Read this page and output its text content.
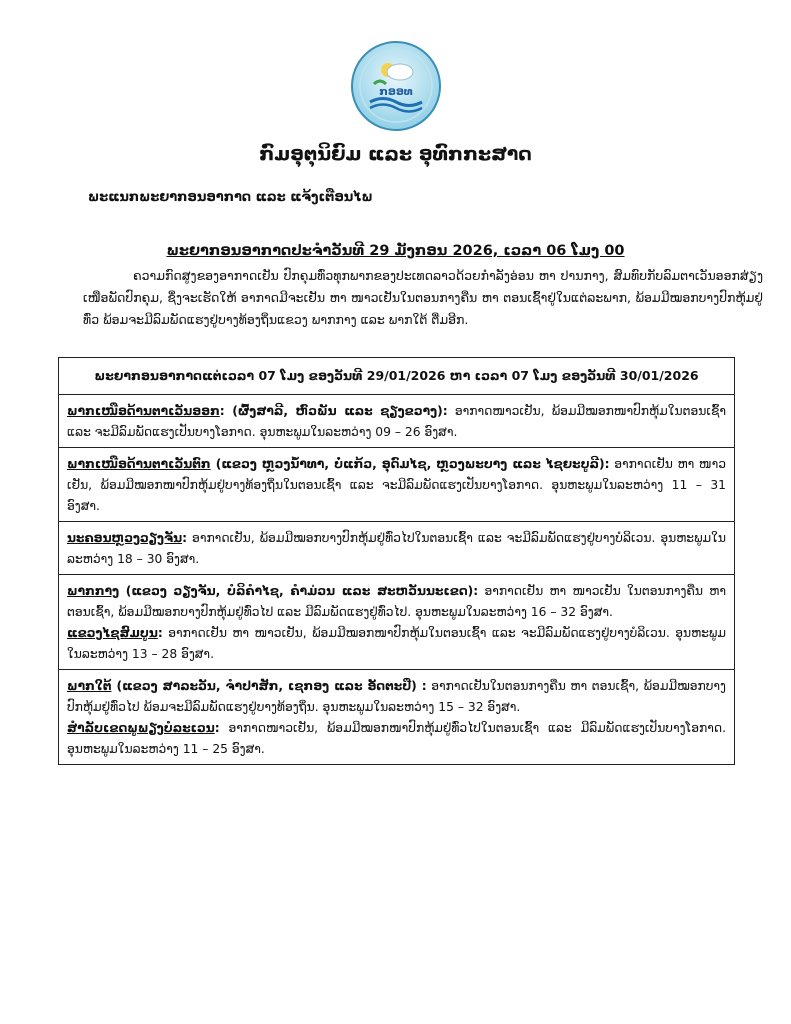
ກອອທ
ກົມອຸຕຸນິຍົມ ແລະ ອຸທົກກະສາດ
ພະແນກພະຍາກອນອາກາດ ແລະ ແຈ້ງເຕືອນໄພ
ພະຍາກອນອາກາດປະຈຳວັນທີ 29 ມັງກອນ 2026, ເວລາ 06 ໂມງ 00
ຄວາມກົດສູງຂອງອາກາດເຢັນ ປົກຄຸມທົ່ວທຸກພາກຂອງປະເທດລາວດ້ວຍກຳລັງອ່ອນ ຫາ ປານກາງ, ສົມທົບກັບລົມຕາເວັນອອກສ່ຽງເໜືອພັດປົກຄຸມ, ຊຶ່ງຈະເຮັດໃຫ້ ອາກາດມີຈະເຢັນ ຫາ ໜາວເຢັນໃນຕອນກາງຄືນ ຫາ ຕອນເຊົ້າຢູ່ໃນແຕ່ລະພາກ, ພ້ອມມີໝອກບາງປົກຫຸ້ມຢູ່ທົ່ວ ພ້ອມຈະມີລົມພັດແຮງຢູ່ບາງທ້ອງຖິ່ນແຂວງ ພາກກາງ ແລະ ພາກໃຕ້ ຕື່ມອີກ.
ພະຍາກອນອາກາດແຕ່ເວລາ 07 ໂມງ ຂອງວັນທີ 29/01/2026 ຫາ ເວລາ 07 ໂມງ ຂອງວັນທີ 30/01/2026
ພາກເໜືອດ້ານຕາເວັນອອກ: (ຜົ້ງສາລີ, ຫົວພັນ ແລະ ຊຽງຂວາງ): ອາກາດໜາວເຢັນ, ພ້ອມມີໝອກໜາປົກຫຸ້ມໃນຕອນເຊົ້າ ແລະ ຈະມີລົມພັດແຮງເປັນບາງໂອກາດ. ອຸນຫະພູມໃນລະຫວ່າງ 09 – 26 ອົງສາ.
ພາກເໜືອດ້ານຕາເວັນຕົກ (ແຂວງ ຫຼວງນ້ຳທາ, ບໍ່ແກ້ວ, ອຸດົມໄຊ, ຫຼວງພະບາງ ແລະ ໄຊຍະບູລີ): ອາກາດເຢັນ ຫາ ໜາວເຢັນ, ພ້ອມມີໝອກໜາປົກຫຸ້ມຢູ່ບາງທ້ອງຖິ່ນໃນຕອນເຊົ້າ ແລະ ຈະມີລົມພັດແຮງເປັນບາງໂອກາດ. ອຸນຫະພູມໃນລະຫວ່າງ 11 – 31 ອົງສາ.
ນະຄອນຫຼວງວຽງຈັນ: ອາກາດເຢັນ, ພ້ອມມີໝອກບາງປົກຫຸ້ມຢູ່ທົ່ວໄປໃນຕອນເຊົ້າ ແລະ ຈະມີລົມພັດແຮງຢູ່ບາງບໍລິເວນ. ອຸນຫະພູມໃນລະຫວ່າງ 18 – 30 ອົງສາ.

ພາກກາງ (ແຂວງ ວຽງຈັນ, ບໍລິຄຳໄຊ, ຄຳມ່ວນ ແລະ ສະຫວັນນະເຂດ): ອາກາດເຢັນ ຫາ ໜາວເຢັນ ໃນຕອນກາງຄືນ ຫາ ຕອນເຊົ້າ, ພ້ອມມີໝອກບາງປົກຫຸ້ມຢູ່ທົ່ວໄປ ແລະ ມີລົມພັດແຮງຢູ່ທົ່ວໄປ. ອຸນຫະພູມໃນລະຫວ່າງ 16 – 32 ອົງສາ.
ແຂວງໄຊສົມບູນ: ອາກາດເຢັນ ຫາ ໜາວເຢັນ, ພ້ອມມີໝອກໜາປົກຫຸ້ມໃນຕອນເຊົ້າ ແລະ ຈະມີລົມພັດແຮງຢູ່ບາງບໍລິເວນ. ອຸນຫະພູມໃນລະຫວ່າງ 13 – 28 ອົງສາ.

ພາກໃຕ້ (ແຂວງ ສາລະວັນ, ຈຳປາສັກ, ເຊກອງ ແລະ ອັດຕະປື) : ອາກາດເຢັນໃນຕອນກາງຄືນ ຫາ ຕອນເຊົ້າ, ພ້ອມມີໝອກບາງປົກຫຸ້ມຢູ່ທົ່ວໄປ ພ້ອມຈະມີລົມພັດແຮງຢູ່ບາງທ້ອງຖິ່ນ. ອຸນຫະພູມໃນລະຫວ່າງ 15 – 32 ອົງສາ.
ສຳລັບເຂດພູພຽງບໍລະເວນ: ອາກາດໜາວເຢັນ, ພ້ອມມີໝອກໜາປົກຫຸ້ມຢູ່ທົ່ວໄປໃນຕອນເຊົ້າ ແລະ ມີລົມພັດແຮງເປັນບາງໂອກາດ. ອຸນຫະພູມໃນລະຫວ່າງ 11 – 25 ອົງສາ.
